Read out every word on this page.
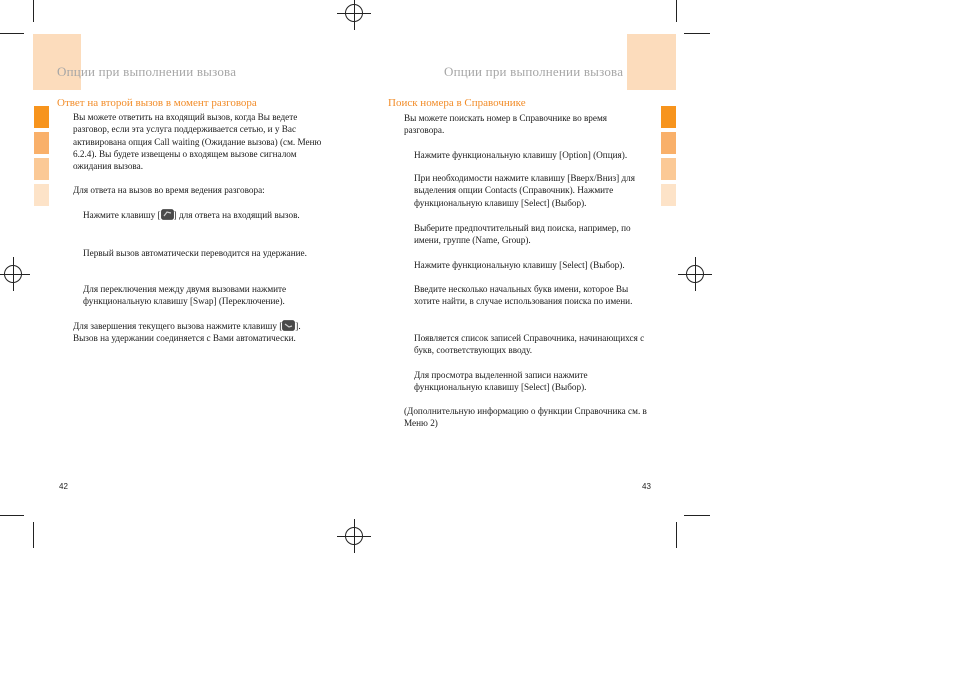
Опции при выполнении вызова
Ответ на второй вызов в момент разговора
Вы можете ответить на входящий вызов, когда Вы ведете разговор, если эта услуга поддерживается сетью, и у Вас активирована опция Call waiting (Ожидание вызова) (см. Меню 6.2.4). Вы будете извещены о входящем вызове сигналом ожидания вызова.
Для ответа на вызов во время ведения разговора:
Нажмите клавишу [ ] для ответа на входящий вызов.
Первый вызов автоматически переводится на удержание.
Для переключения между двумя вызовами нажмите функциональную клавишу [Swap] (Переключение).
Для завершения текущего вызова нажмите клавишу [ ].
Вызов на удержании соединяется с Вами автоматически.
42
Опции при выполнении вызова
Поиск номера в Справочнике
Вы можете поискать номер в Справочнике во время разговора.
Нажмите функциональную клавишу [Option] (Опция).
При необходимости нажмите клавишу [Вверх/Вниз] для выделения опции Contacts (Справочник). Нажмите функциональную клавишу [Select] (Выбор).
Выберите предпочтительный вид поиска, например, по имени, группе (Name, Group).
Нажмите функциональную клавишу [Select] (Выбор).
Введите несколько начальных букв имени, которое Вы хотите найти, в случае использования поиска по имени.
Появляется список записей Справочника, начинающихся с букв, соответствующих вводу.
Для просмотра выделенной записи нажмите функциональную клавишу [Select] (Выбор).
(Дополнительную информацию о функции Справочника см. в Меню 2)
43
